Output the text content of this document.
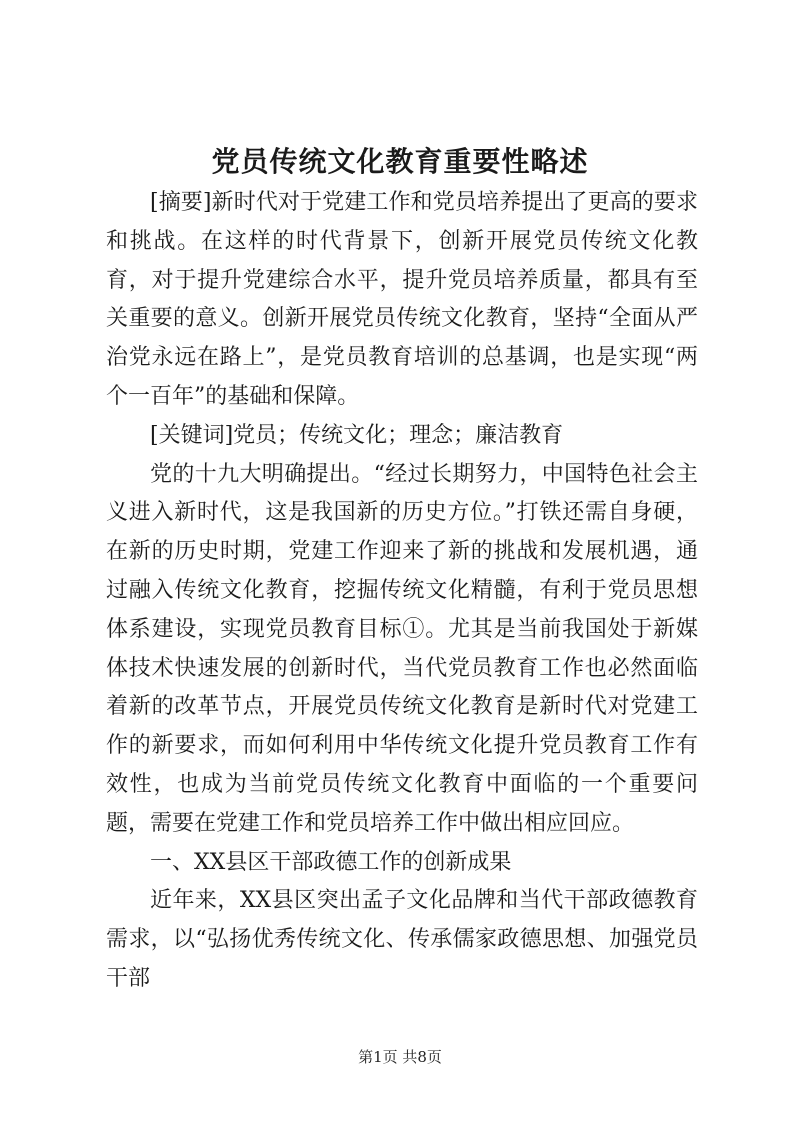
党员传统文化教育重要性略述

[摘要]新时代对于党建工作和党员培养提出了更高的要求和挑战。在这样的时代背景下，创新开展党员传统文化教育，对于提升党建综合水平，提升党员培养质量，都具有至关重要的意义。创新开展党员传统文化教育，坚持“全面从严治党永远在路上”，是党员教育培训的总基调，也是实现“两个一百年”的基础和保障。

[关键词]党员；传统文化；理念；廉洁教育

党的十九大明确提出。“经过长期努力，中国特色社会主义进入新时代，这是我国新的历史方位。”打铁还需自身硬，在新的历史时期，党建工作迎来了新的挑战和发展机遇，通过融入传统文化教育，挖掘传统文化精髓，有利于党员思想体系建设，实现党员教育目标①。尤其是当前我国处于新媒体技术快速发展的创新时代，当代党员教育工作也必然面临着新的改革节点，开展党员传统文化教育是新时代对党建工作的新要求，而如何利用中华传统文化提升党员教育工作有效性，也成为当前党员传统文化教育中面临的一个重要问题，需要在党建工作和党员培养工作中做出相应回应。

一、XX县区干部政德工作的创新成果

近年来，XX县区突出孟子文化品牌和当代干部政德教育需求，以“弘扬优秀传统文化、传承儒家政德思想、加强党员干部

第1页 共8页
